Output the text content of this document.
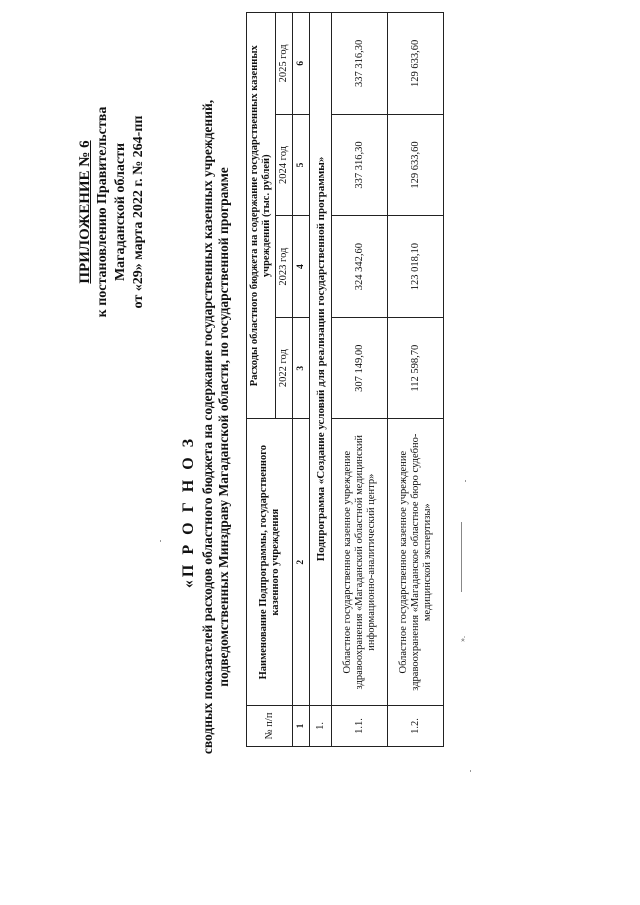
ПРИЛОЖЕНИЕ № 6 к постановлению Правительства Магаданской области от «29» марта 2022 г. № 264-пп
«П Р О Г Н О З сводных показателей расходов областного бюджета на содержание государственных казенных учреждений, подведомственных Минздраву Магаданской области, по государственной программе
№ п/п	Наименование Подпрограммы, государственного казенного учреждения	Расходы областного бюджета на содержание государственных казенных учреждений (тыс. рублей)			
		2022 год	2023 год	2024 год	2025 год
1	2	3	4	5	6
1.	Подпрограмма «Создание условий для реализации государственной программы»				
1.1.	Областное государственное казенное учреждение здравоохранения «Магаданский областной медицинский информационно-аналитический центр»	307 149,00	324 342,60	337 316,30	337 316,30
1.2.	Областное государственное казенное учреждение здравоохранения «Магаданское областное бюро судебно-медицинской экспертизы»	112 598,70	123 018,10	129 633,60	129 633,60
».
